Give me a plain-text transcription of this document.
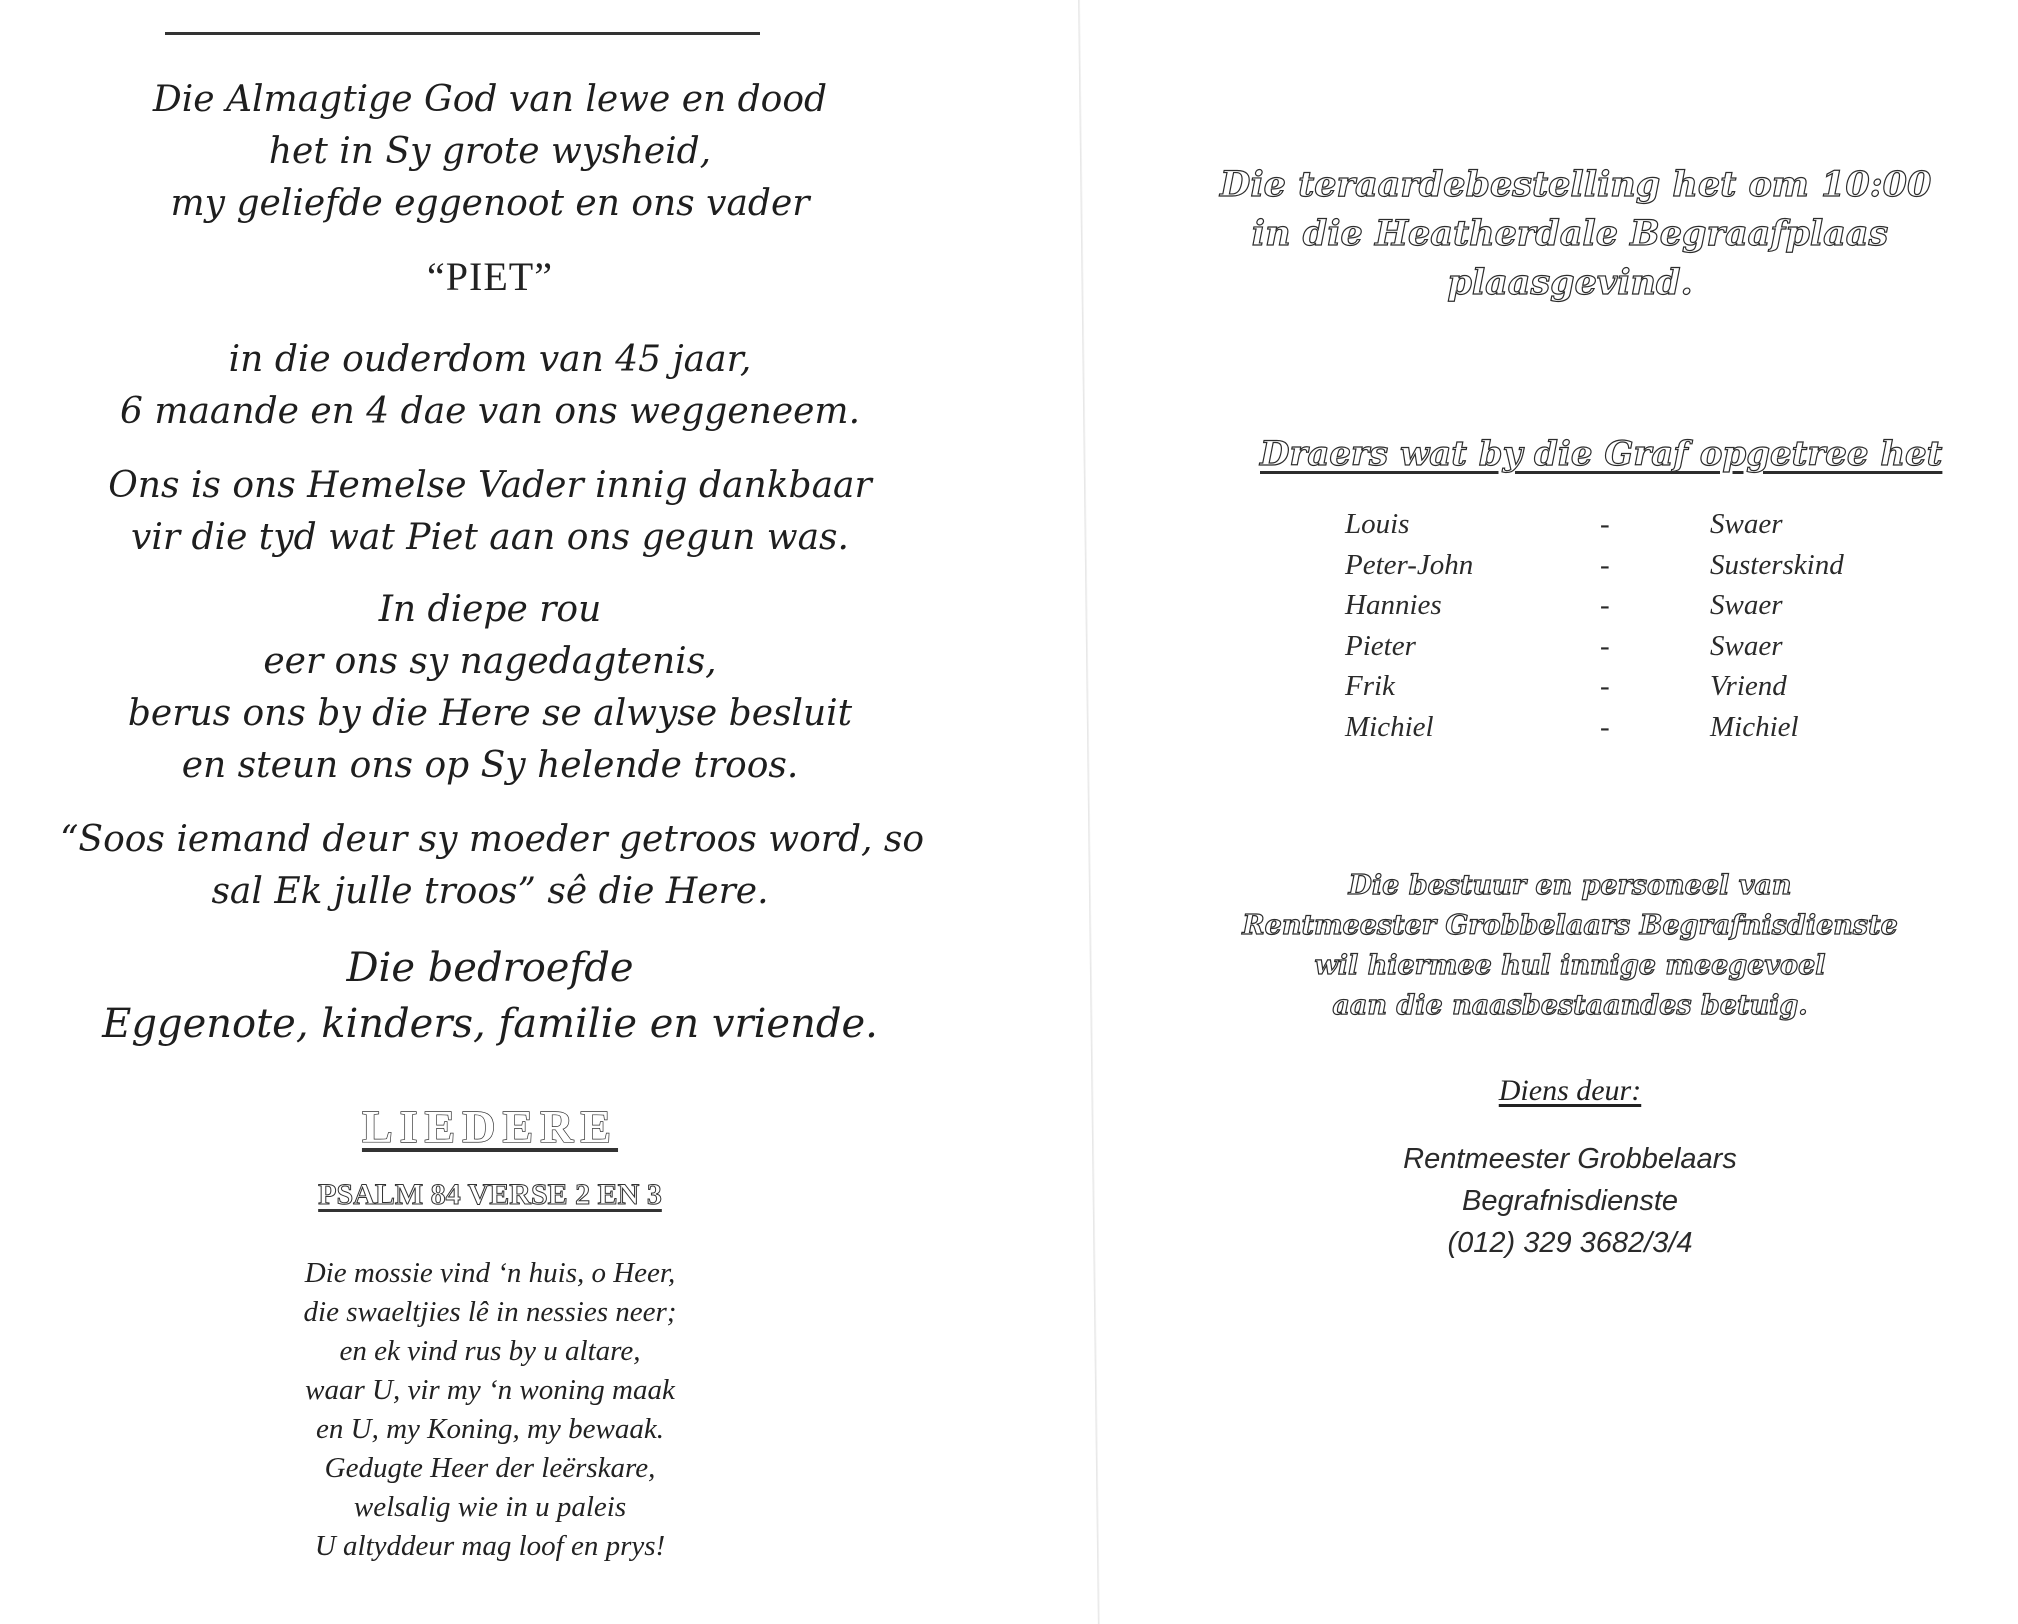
Die Almagtige God van lewe en dood
het in Sy grote wysheid,
my geliefde eggenoot en ons vader
“PIET”
in die ouderdom van 45 jaar,
6 maande en 4 dae van ons weggeneem.
Ons is ons Hemelse Vader innig dankbaar
vir die tyd wat Piet aan ons gegun was.
In diepe rou
eer ons sy nagedagtenis,
berus ons by die Here se alwyse besluit
en steun ons op Sy helende troos.
“Soos iemand deur sy moeder getroos word, so
sal Ek julle troos” sê die Here.
Die bedroefde
Eggenote, kinders, familie en vriende.
LIEDERE
PSALM 84 VERSE 2 EN 3
Die mossie vind ‘n huis, o Heer,
die swaeltjies lê in nessies neer;
en ek vind rus by u altare,
waar U, vir my ‘n woning maak
en U, my Koning, my bewaak.
Gedugte Heer der leërskare,
welsalig wie in u paleis
U altyddeur mag loof en prys!
Die teraardebestelling het om 10:00
in die Heatherdale Begraafplaas
plaasgevind.
Draers wat by die Graf opgetree het
Louis	-	Swaer
Peter-John	-	Susterskind
Hannies	-	Swaer
Pieter	-	Swaer
Frik	-	Vriend
Michiel	-	Michiel
Die bestuur en personeel van
Rentmeester Grobbelaars Begrafnisdienste
wil hiermee hul innige meegevoel
aan die naasbestaandes betuig.
Diens deur:
Rentmeester Grobbelaars
Begrafnisdienste
(012) 329 3682/3/4
